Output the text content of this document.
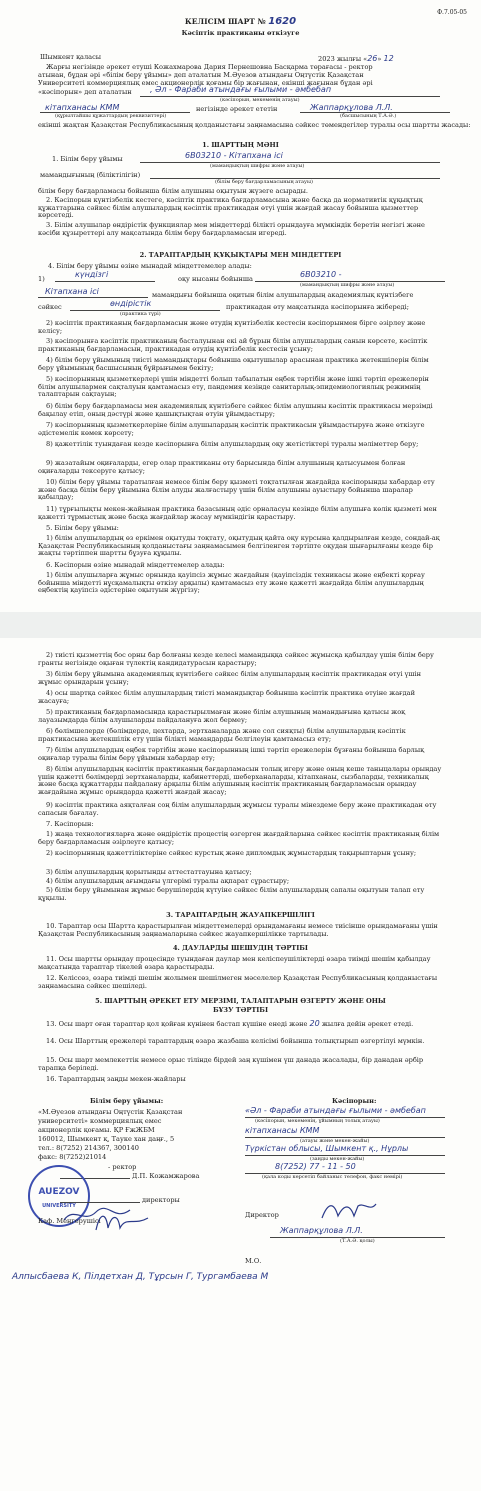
Ф.7.05-05
КЕЛІСІМ ШАРТ № 1620
Кәсіптік практиканы өткізуге
Шымкент қаласы	2023 жылғы «26» 12
Жарғы негізінде әрекет етуші Кожахмарова Дария Пернешовна Басқарма төрағасы - ректор
атынан, бұдан әрі «білім беру ұйымы» деп аталатын М.Әуезов атындағы Оңтүстік Қазақстан
Университеті коммерциялық емес акционерлік қоғамы бір жағынан, екінші жағынан бұдан әрі
«кәсіпорын» деп аталатын , Әл - Фараби атындағы ғылыми - әмбебап
(кәсіпорын, мекеменің атауы)
кітапханасы КММ	негізінде әрекет ететін	Жаппарқұлова Л.Л.
(құрылтайшы құжаттардың реквизиттері)	(басшысының Т.А.Ә.)
екінші жақтан Қазақстан Республикасының қолданыстағы заңнамасына сәйкес төмендегілер туралы осы шартты жасады:
1. ШАРТТЫҢ МӘНІ
1. Білім беру ұйымы	6В03210 - Кітапхана ісі
(мамандықтың шифры және атауы)
мамандығының (біліктілігін)
(білім беру бағдарламасының атауы)
білім беру бағдарламасы бойынша білім алушыны оқытуын жүзеге асырады.
2. Кәсіпорын күнтізбелік кестеге, кәсіптік практика бағдарламасына және басқа да нормативтік құқықтық құжаттарына сәйкес білім алушылардың кәсіптік практикадан өтуі үшін жағдай жасау бойынша қызметтер көрсетеді.
3. Білім алушылар өндірістік функциялар мен міндеттерді білікті орындауға мүмкіндік беретін негізгі және кәсіби құзыреттері алу мақсатында білім беру бағдарламасын игереді.
2. ТАРАПТАРДЫҢ ҚҰҚЫҚТАРЫ МЕН МІНДЕТТЕРІ
4. Білім беру ұйымы өзіне мынадай міндеттемелер алады:
1)	күндізгі	оқу нысаны бойынша	6В03210 -
(мамандықтың шифры және атауы)
Кітапхана ісі	мамандығы бойынша оқитын білім алушылардың академиялық күнтізбеге
сәйкес	өндірістік
(практика түрі)
практикадан өту мақсатында кәсіпорынға жібереді;
2) кәсіптік практиканың бағдарламасын және өтудің күнтізбелік кестесін кәсіпорынмен бірге әзірлеу және келісу;
3) кәсіпорынға кәсіптік практиканың басталуынан екі ай бұрын білім алушылардың санын көрсете, кәсіптік практиканың бағдарламасын, практикадан өтудің күнтізбелік кестесін ұсыну;
4) білім беру ұйымының тиісті мамандықтары бойынша оқытушылар арасынан практика жетекшілерін білім беру ұйымының басшысының бұйрығымен бекіту;
5) кәсіпорынның қызметкерлері үшін міндетті болып табылатын еңбек тәртібін және ішкі тәртіп ережелерін білім алушылармен сақталуын қамтамасыз ету, пандемия кезінде санитарлық-эпидемиологиялық режимнің талаптарын сақтауын;
6) білім беру бағдарламасы мен академиялық күнтізбеге сәйкес білім алушыны кәсіптік практикасы мерзімді бақылау етіп, оның дәстүрі және қашықтықтан өтуін ұйымдастыру;
7) кәсіпорынның қызметкерлеріне білім алушылардың кәсіптік практикасын ұйымдастыруға және өткізуге әдістемелік көмек көрсету;
8) қажеттілік туындаған кезде кәсіпорынға білім алушылардың оқу жетістіктері туралы мәліметтер беру;
9) жазатайым оқиғаларды, егер олар практиканы өту барысында білім алушының қатысуымен болған оқиғаларды тексеруге қатысу;
10) білім беру ұйымы таратылған немесе білім беру қызметі тоқтатылған жағдайда кәсіпорынды хабардар ету және басқа білім беру ұйымына білім алуды жалғастыру үшін білім алушыны ауыстыру бойынша шаралар қабылдау;
11) тұрғылықты мекен-жайынан практика базасының әдіс орналасуы кезінде білім алушыға көлік қызметі мен қажетті тұрмыстық және басқа жағдайлар жасау мүмкіндігін қарастыру.
5. Білім беру ұйымы:
1) білім алушылардың өз еркімен оқытуды тоқтату, оқытудың қайта оқу курсына қалдырылған кезде, сондай-ақ Қазақстан Республикасының қолданыстағы заңнамасымен белгіленген тәртіпте оқудан шығарылғаны кезде бір жақты тәртіппен шартты бұзуға құқылы.
6. Кәсіпорын өзіне мынадай міндеттемелер алады:
1) білім алушыларға жұмыс орнында қауіпсіз жұмыс жағдайын (қауіпсіздік техникасы және еңбекті қорғау бойынша міндетті нұсқамалықты өткізу арқылы) қамтамасыз ету және қажетті жағдайда білім алушылардың еңбектің қауіпсіз әдістеріне оқытуын жүргізу;
2) тиісті қызметтің бос орны бар болғаны кезде келесі мамандыққа сәйкес жұмысқа қабылдау үшін білім беру гранты негізінде оқыған түлектің кандидатурасын қарастыру;
3) білім беру ұйымына академиялық күнтізбеге сәйкес білім алушылардың кәсіптік практикадан өтуі үшін жұмыс орындарын ұсыну;
4) осы шартқа сәйкес білім алушылардың тиісті мамандықтар бойынша кәсіптік практика өтуіне жағдай жасауға;
5) практиканың бағдарламасында қарастырылмаған және білім алушының мамандығына қатысы жоқ лауазымдарда білім алушыларды пайдалануға жол бермеу;
6) бөлімшелерде (бөлімдерде, цехтарда, зертханаларда және сол сияқты) білім алушылардың кәсіптік практикасына жетекшілік ету үшін білікті мамандарды белгілеуін қамтамасыз ету;
7) білім алушылардың еңбек тәртібін және кәсіпорынның ішкі тәртіп ережелерін бұзғаны бойынша барлық оқиғалар туралы білім беру ұйымын хабардар ету;
8) білім алушылардың кәсіптік практиканың бағдарламасын толық игеру және оның кеше таныцалары орындау үшін қажетті бөлімдерді зертханаларды, кабинеттерді, шеберханаларды, кітапханаы, сызбаларды, техникалық және басқа құжаттарды пайдалану арқылы білім алушының кәсіптік практиканың бағдарламасын орындау жағдайына жұмыс орындарда қажетті жағдай жасау;
9) кәсіптік практика аяқталған соң білім алушылардың жұмысы туралы мінездеме беру және практикадан өту сапасын бағалау.
7. Кәсіпорын:
1) жаңа технологияларға және өндірістік процестің өзгерген жағдайларына сәйкес кәсіптік практиканың білім беру бағдарламасын әзірлеуге қатысу;
2) кәсіпорынның қажеттіліктеріне сәйкес курстық және дипломдық жұмыстардың тақырыптарын ұсыну;
3) білім алушылардың қорытынды аттестаттауына қатысу;
4) білім алушылардың ағымдағы үлгерімі туралы ақпарат сұрастыру;
5) білім беру ұйымынан жұмыс берушілердің күтуіне сәйкес білім алушылардың сапалы оқытуын талап ету құқылы.
3. ТАРАПТАРДЫҢ ЖАУАПКЕРШІЛІГІ
10. Тараптар осы Шартта қарастырылған міндеттемелерді орындамағаны немесе тиісінше орындамағаны үшін Қазақстан Республикасының заңнамаларына сәйкес жауапкершілікке тартылады.
4. ДАУЛАРДЫ ШЕШУДІҢ ТӘРТІБІ
11. Осы шартты орындау процесінде туындаған даулар мен келіспеушіліктерді өзара тиімді шешім қабылдау мақсатында тараптар тікелей өзара қарастырады.
12. Келіссөз, өзара тиімді шешім жолымен шешілмеген мәселелер Қазақстан Республикасының қолданыстағы заңнамасына сәйкес шешіледі.
5. ШАРТТЫҢ ӘРЕКЕТ ЕТУ МЕРЗІМІ, ТАЛАПТАРЫН ӨЗГЕРТУ ЖӘНЕ ОНЫ
БҰЗУ ТӘРТІБІ
13. Осы шарт оған тараптар қол қойған күнінен бастап күшіне енеді және 20 жылға дейін әрекет етеді.
14. Осы Шарттың ережелері тараптардың өзара жазбаша келісімі бойынша толықтырып өзгертілуі мүмкін.
15. Осы шарт мемлекеттік немесе орыс тілінде бірдей заң күшімен үш данада жасалады, бір данадан әрбір тарапқа беріледі.
16. Тараптардың заңды мекен-жайлары
Білім беру ұйымы:
«М.Әуезов атындағы Оңтүстік Қазақстан
университеті» коммерциялық емес
акционерлік қоғамы. ҚР ҒжЖБМ
160012, Шымкент қ, Тауке хан даңғ., 5
тел.: 8(7252) 214367, 300140
факс: 8(7252)21014
- ректор
Д.П. Кожамжарова
AUEZOV
UNIVERSITY
директоры
Каф. Меңгерушісі
Кәсіпорын:
«Әл - Фараби атындағы ғылыми - әмбебап
(кәсіпорын, мекеменің, ұйымның толық атауы)
кітапханасы КММ
(атауы және мекен-жайы)
Түркістан облысы, Шымкент қ., Нұрлы
(заңды мекен-жайы)
8(7252) 77 - 11 - 50
(қала коды көрсетіп байланыс телефон, факс нөмірі)
Директор
Жаппарқұлова Л.Л.
(Т.А.Ә. қолы)
М.О.
Алпысбаева К, Пілдетхан Д, Тұрсын Г, Тургамбаева М
